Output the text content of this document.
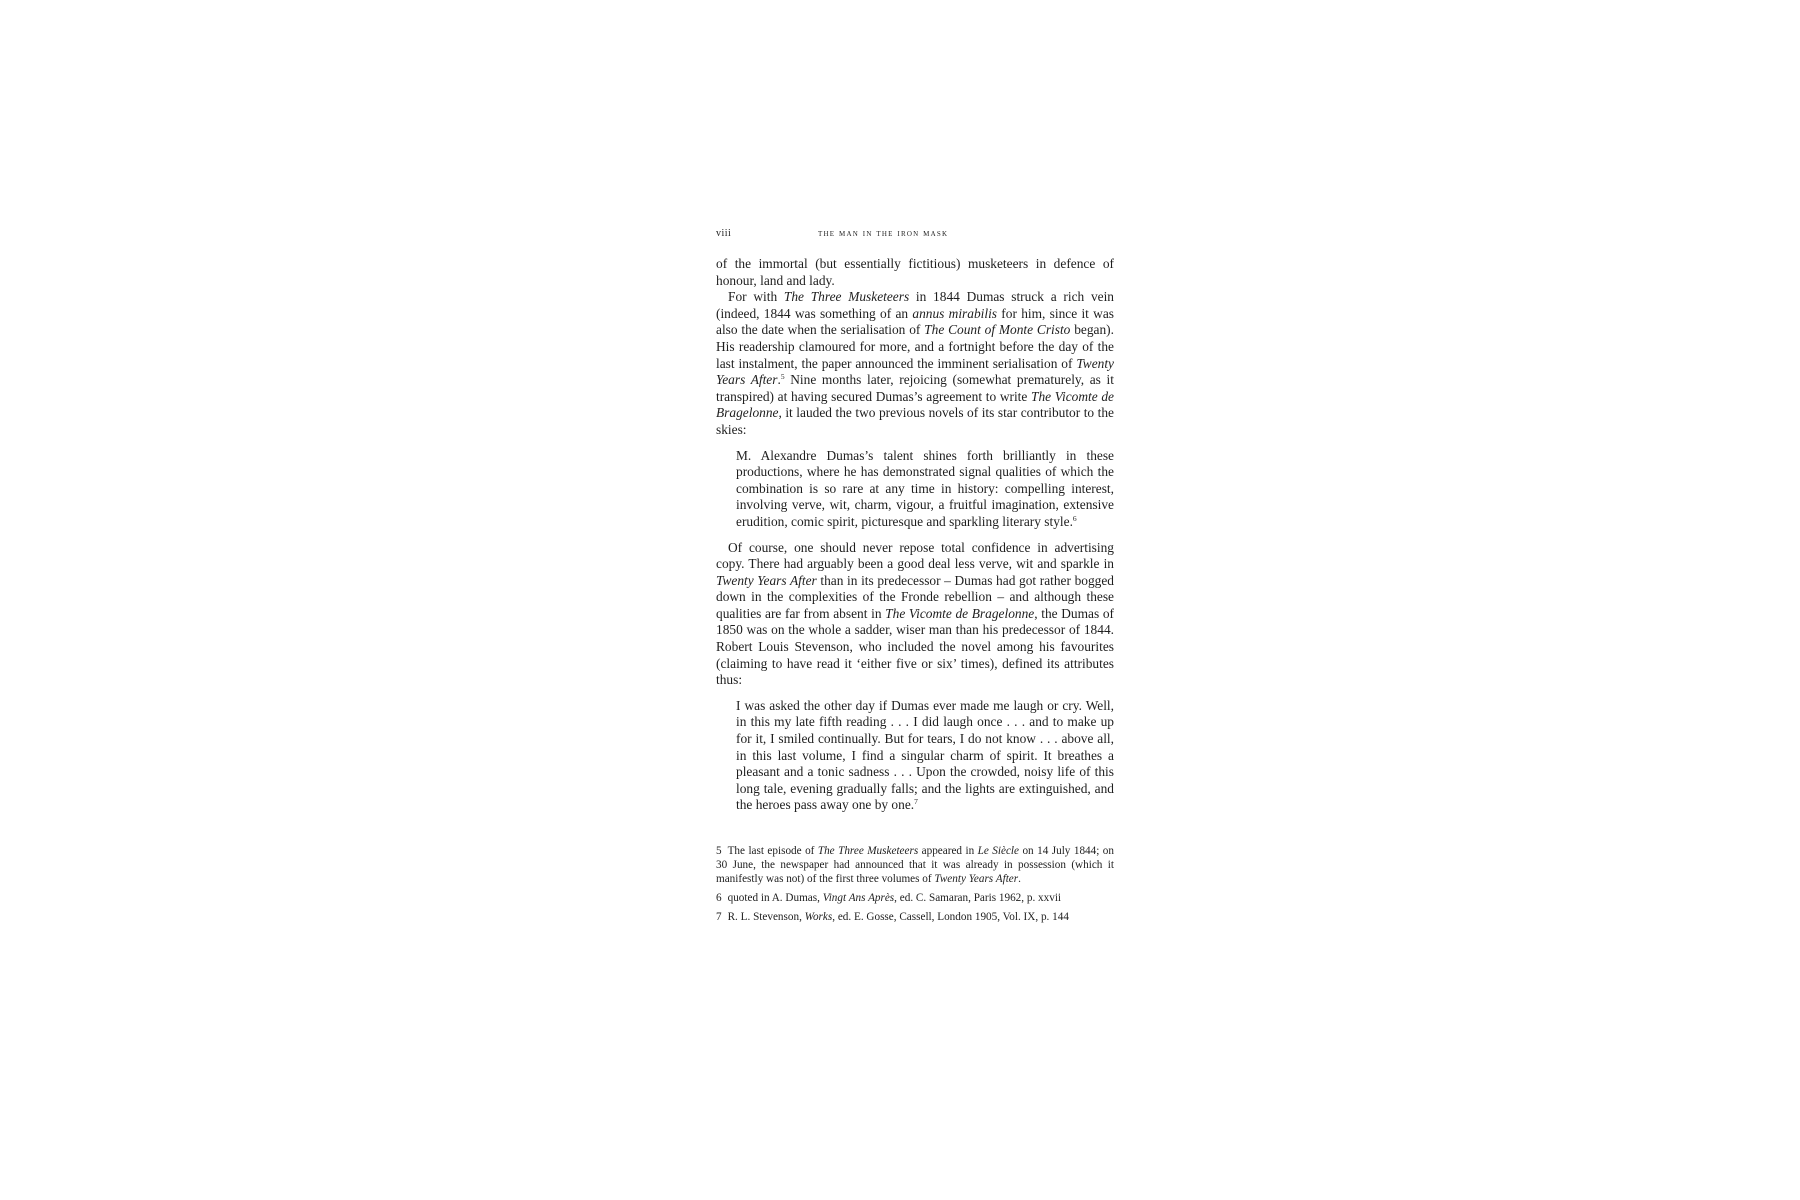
viii	the man in the iron mask

of the immortal (but essentially fictitious) musketeers in defence of honour, land and lady.

For with The Three Musketeers in 1844 Dumas struck a rich vein (indeed, 1844 was something of an annus mirabilis for him, since it was also the date when the serialisation of The Count of Monte Cristo began). His readership clamoured for more, and a fortnight before the day of the last instalment, the paper announced the imminent serialisation of Twenty Years After.$^5$ Nine months later, rejoicing (somewhat prematurely, as it transpired) at having secured Dumas’s agreement to write The Vicomte de Bragelonne, it lauded the two previous novels of its star contributor to the skies:

M. Alexandre Dumas’s talent shines forth brilliantly in these productions, where he has demonstrated signal qualities of which the combination is so rare at any time in history: compelling interest, involving verve, wit, charm, vigour, a fruitful imagination, extensive erudition, comic spirit, picturesque and sparkling literary style.$^6$

Of course, one should never repose total confidence in advertising copy. There had arguably been a good deal less verve, wit and sparkle in Twenty Years After than in its predecessor – Dumas had got rather bogged down in the complexities of the Fronde rebellion – and although these qualities are far from absent in The Vicomte de Bragelonne, the Dumas of 1850 was on the whole a sadder, wiser man than his predecessor of 1844. Robert Louis Stevenson, who included the novel among his favourites (claiming to have read it ‘either five or six’ times), defined its attributes thus:

I was asked the other day if Dumas ever made me laugh or cry. Well, in this my late fifth reading . . . I did laugh once . . . and to make up for it, I smiled continually. But for tears, I do not know . . . above all, in this last volume, I find a singular charm of spirit. It breathes a pleasant and a tonic sadness . . . Upon the crowded, noisy life of this long tale, evening gradually falls; and the lights are extinguished, and the heroes pass away one by one.$^7$
5 The last episode of The Three Musketeers appeared in Le Siècle on 14 July 1844; on 30 June, the newspaper had announced that it was already in possession (which it manifestly was not) of the first three volumes of Twenty Years After.
6 quoted in A. Dumas, Vingt Ans Après, ed. C. Samaran, Paris 1962, p. xxvii
7 R. L. Stevenson, Works, ed. E. Gosse, Cassell, London 1905, Vol. IX, p. 144
